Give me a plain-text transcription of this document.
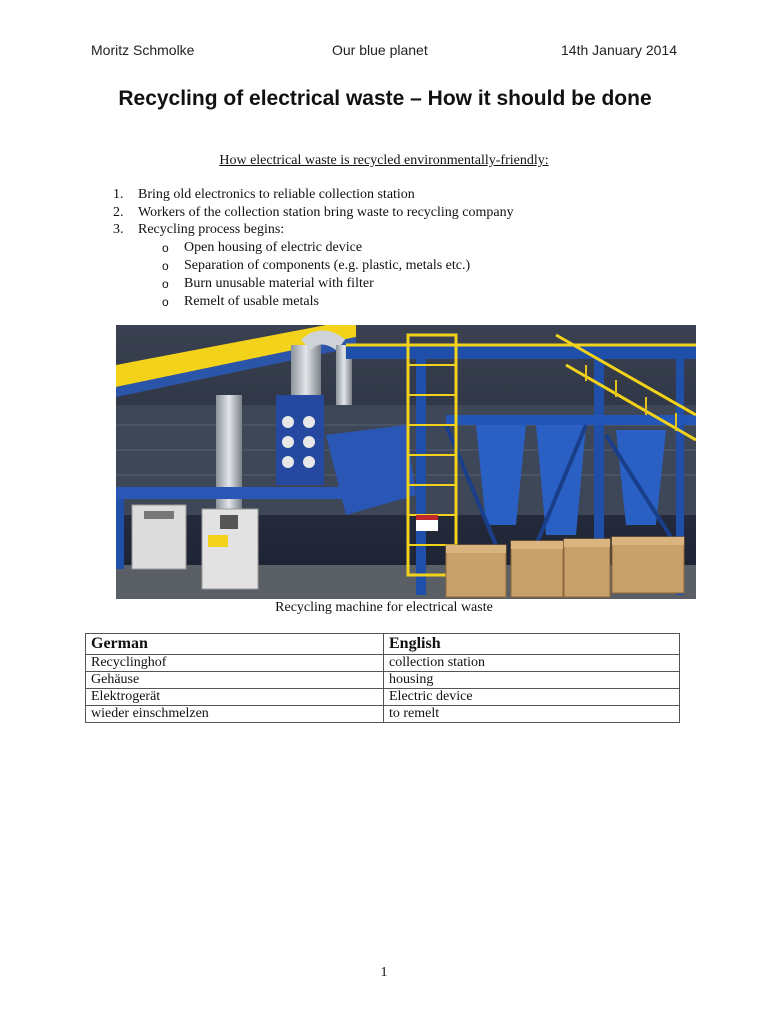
Moritz Schmolke	Our blue planet	14th January 2014
Recycling of electrical waste – How it should be done
How electrical waste is recycled environmentally-friendly:
1. Bring old electronics to reliable collection station
2. Workers of the collection station bring waste to recycling company
3. Recycling process begins:
o Open housing of electric device
o Separation of components (e.g. plastic, metals etc.)
o Burn unusable material with filter
o Remelt of usable metals
Recycling machine for electrical waste
German	English
Recyclinghof	collection station
Gehäuse	housing
Elektrogerät	Electric device
wieder einschmelzen	to remelt
1
